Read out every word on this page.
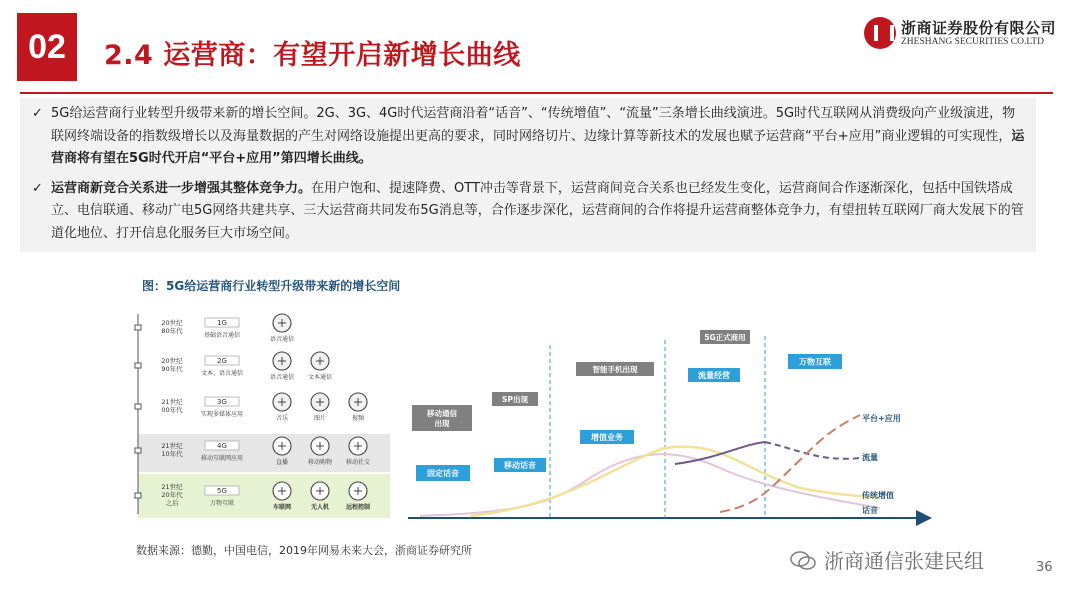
02	2.4 运营商：有望开启新增长曲线
浙商证券股份有限公司
ZHESHANG SECURITIES CO.LTD
✓ 5G给运营商行业转型升级带来新的增长空间。2G、3G、4G时代运营商沿着“话音”、“传统增值”、“流量”三条增长曲线演进。5G时代互联网从消费级向产业级演进，物联网终端设备的指数级增长以及海量数据的产生对网络设施提出更高的要求，同时网络切片、边缘计算等新技术的发展也赋予运营商“平台+应用”商业逻辑的可实现性，运营商将有望在5G时代开启“平台+应用”第四增长曲线。
✓ 运营商新竞合关系进一步增强其整体竞争力。在用户饱和、提速降费、OTT冲击等背景下，运营商间竞合关系也已经发生变化，运营商间合作逐渐深化，包括中国铁塔成立、电信联通、移动广电5G网络共建共享、三大运营商共同发布5G消息等，合作逐步深化，运营商间的合作将提升运营商整体竞争力，有望扭转互联网厂商大发展下的管道化地位、打开信息化服务巨大市场空间。
图：5G给运营商行业转型升级带来新的增长空间
20世纪 80年代
1G
基础语音通信
语音通信
20世纪 90年代
2G
文本、语言通信
语音通信 文本通信
21世纪 00年代
3G
实现多媒体应用
音乐	图片	视频
21世纪 10年代
4G
移动互联网应用
直播	移动购物 移动社交
21世纪 20年代之后
5G
万物互联
车联网	无人机	远程控制
固定话音
移动话音
增值业务
流量经营
万物互联
移动通信出现
SP出现
智能手机出现
5G正式商用
平台+应用
流量
传统增值
话音
数据来源：德勤，中国电信，2019年网易未来大会，浙商证券研究所	浙商通信张建民组	36
